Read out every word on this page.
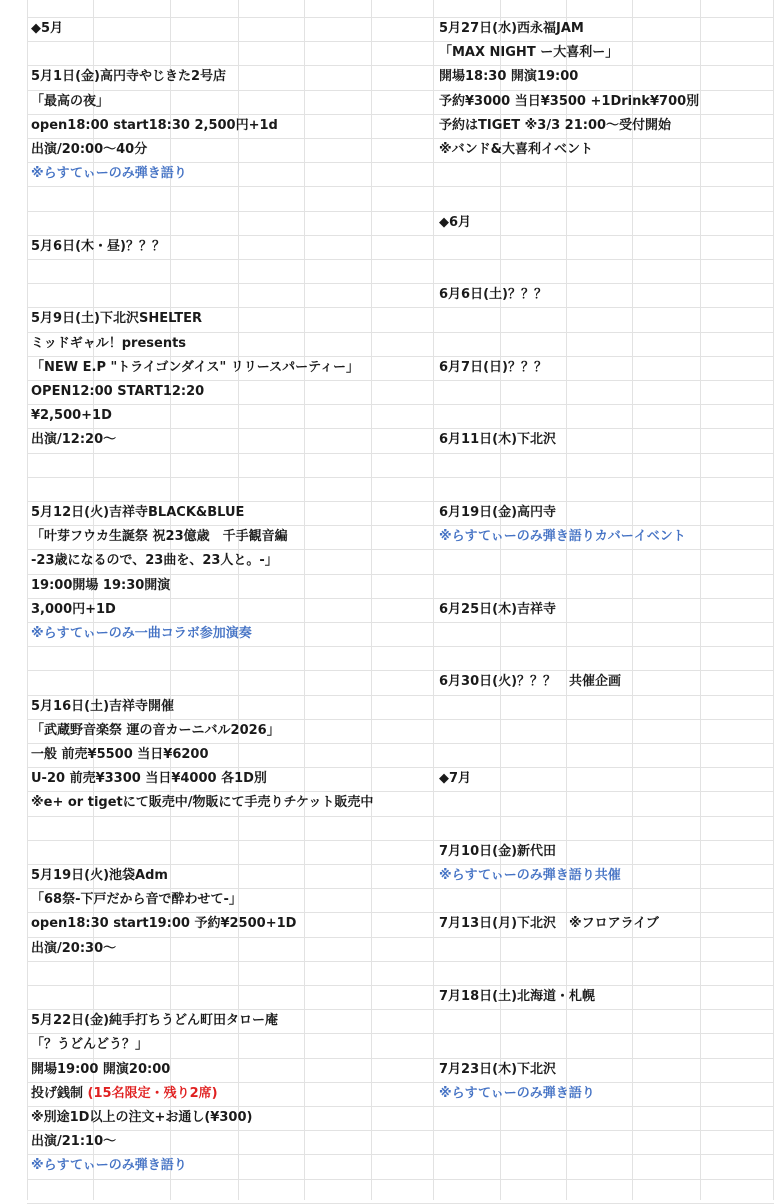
◆5月
5月1日(金)高円寺やじきた2号店
「最高の夜」
open18:00 start18:30 2,500円+1d
出演/20:00～40分
※らすてぃーのみ弾き語り
5月6日(木・昼)？？？
5月9日(土)下北沢SHELTER
ミッドギャル！presents
「NEW E.P "トライゴンダイス" リリースパーティー」
OPEN12:00 START12:20
¥2,500+1D
出演/12:20～
5月12日(火)吉祥寺BLACK&BLUE
「叶芽フウカ生誕祭 祝23億歳　千手観音編
-23歳になるので、23曲を、23人と。-」
19:00開場 19:30開演
3,000円+1D
※らすてぃーのみ一曲コラボ参加演奏
5月16日(土)吉祥寺開催
「武蔵野音楽祭 運の音カーニバル2026」
一般 前売¥5500 当日¥6200
U-20 前売¥3300 当日¥4000 各1D別
※e+ or tigetにて販売中/物販にて手売りチケット販売中
5月19日(火)池袋Adm
「68祭-下戸だから音で酔わせて-」
open18:30 start19:00 予約¥2500+1D
出演/20:30～
5月22日(金)純手打ちうどん町田タロー庵
「？うどんどう？」
開場19:00 開演20:00
投げ銭制 (15名限定・残り2席)
※別途1D以上の注文+お通し(¥300)
出演/21:10～
※らすてぃーのみ弾き語り
5月27日(水)西永福JAM
「MAX NIGHT ー大喜利ー」
開場18:30 開演19:00
予約¥3000 当日¥3500 +1Drink¥700別
予約はTIGET ※3/3 21:00～受付開始
※バンド&大喜利イベント
◆6月
6月6日(土)？？？
6月7日(日)？？？
6月11日(木)下北沢
6月19日(金)高円寺
※らすてぃーのみ弾き語りカバーイベント
6月25日(木)吉祥寺
6月30日(火)？？？　共催企画
◆7月
7月10日(金)新代田
※らすてぃーのみ弾き語り共催
7月13日(月)下北沢　※フロアライブ
7月18日(土)北海道・札幌
7月23日(木)下北沢
※らすてぃーのみ弾き語り
